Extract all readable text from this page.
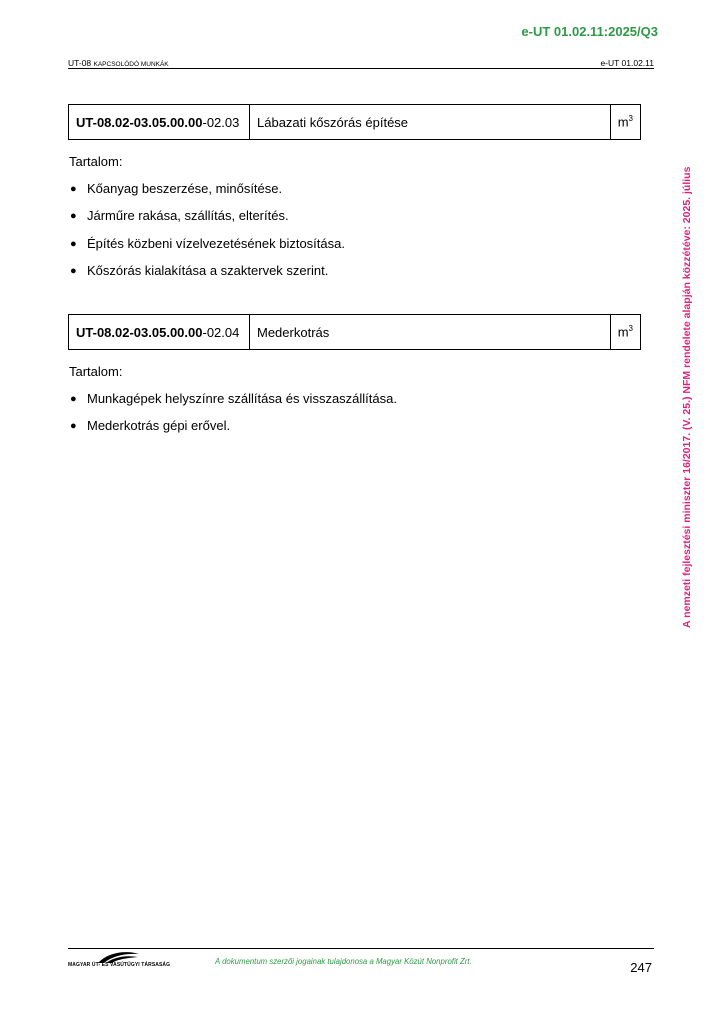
e-UT 01.02.11:2025/Q3
UT-08 KAPCSOLÓDÓ MUNKÁK	e-UT 01.02.11
UT-08.02-03.05.00.00-02.03	Lábazati kőszórás építése	$m^3$
Tartalom:
● Kőanyag beszerzése, minősítése.
● Járműre rakása, szállítás, elterítés.
● Építés közbeni vízelvezetésének biztosítása.
● Kőszórás kialakítása a szaktervek szerint.
UT-08.02-03.05.00.00-02.04	Mederkotrás	$m^3$
Tartalom:
● Munkagépek helyszínre szállítása és visszaszállítása.
● Mederkotrás gépi erővel.	A nemzeti fejlesztési miniszter 16/2017. (V. 25.) NFM rendelete alapján közzétéve: 2025. július
MAGYAR ÚT- ÉS VASÚTÜGYI TÁRSASÁG	A dokumentum szerzői jogainak tulajdonosa a Magyar Közút Nonprofit Zrt.	247
